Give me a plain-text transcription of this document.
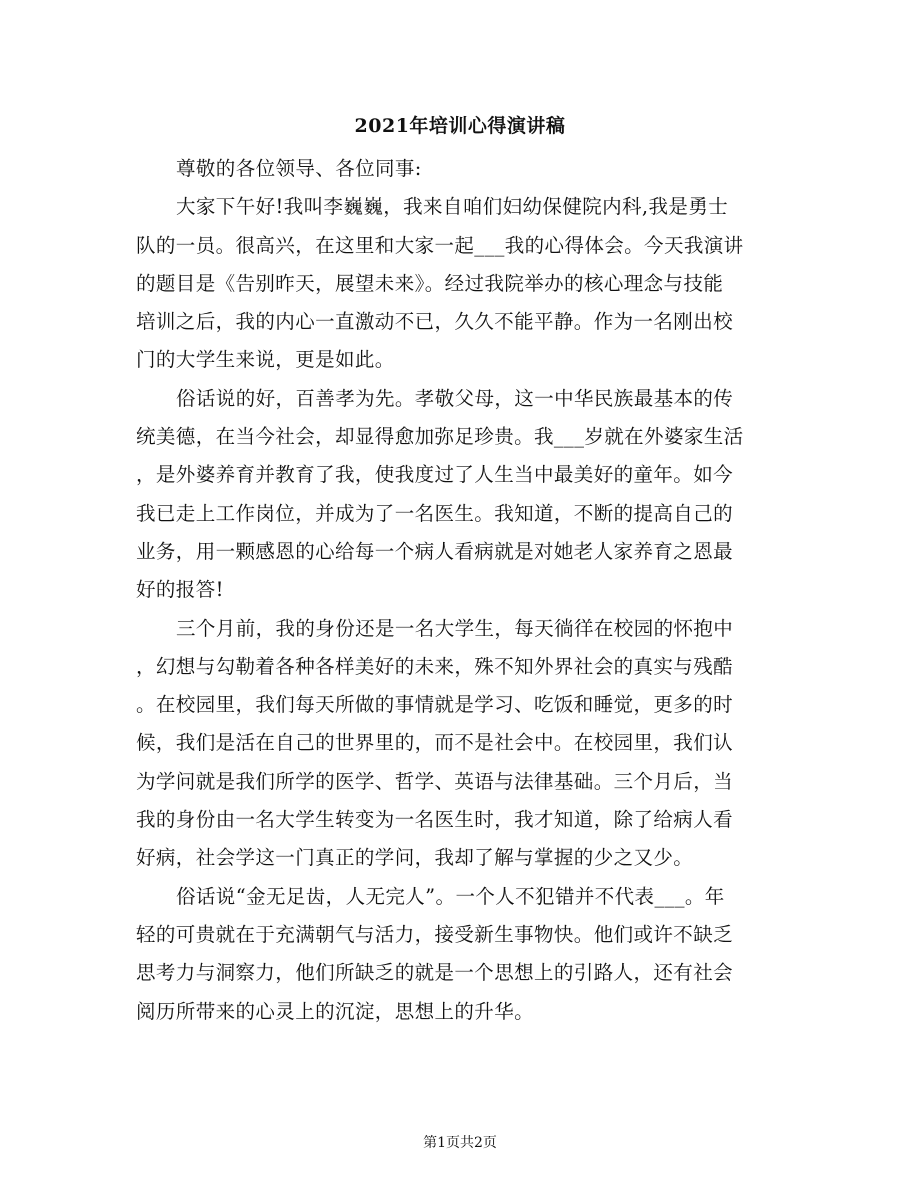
2021年培训心得演讲稿
尊敬的各位领导、各位同事:
大家下午好!我叫李巍巍，我来自咱们妇幼保健院内科,我是勇士
队的一员。很高兴，在这里和大家一起___我的心得体会。今天我演讲
的题目是《告别昨天，展望未来》。经过我院举办的核心理念与技能
培训之后，我的内心一直激动不已，久久不能平静。作为一名刚出校
门的大学生来说，更是如此。
俗话说的好，百善孝为先。孝敬父母，这一中华民族最基本的传
统美德，在当今社会，却显得愈加弥足珍贵。我___岁就在外婆家生活
，是外婆养育并教育了我，使我度过了人生当中最美好的童年。如今
我已走上工作岗位，并成为了一名医生。我知道，不断的提高自己的
业务，用一颗感恩的心给每一个病人看病就是对她老人家养育之恩最
好的报答!
三个月前，我的身份还是一名大学生，每天徜徉在校园的怀抱中
，幻想与勾勒着各种各样美好的未来，殊不知外界社会的真实与残酷
。在校园里，我们每天所做的事情就是学习、吃饭和睡觉，更多的时
候，我们是活在自己的世界里的，而不是社会中。在校园里，我们认
为学问就是我们所学的医学、哲学、英语与法律基础。三个月后，当
我的身份由一名大学生转变为一名医生时，我才知道，除了给病人看
好病，社会学这一门真正的学问，我却了解与掌握的少之又少。
俗话说“金无足齿，人无完人”。一个人不犯错并不代表___。年
轻的可贵就在于充满朝气与活力，接受新生事物快。他们或许不缺乏
思考力与洞察力，他们所缺乏的就是一个思想上的引路人，还有社会
阅历所带来的心灵上的沉淀，思想上的升华。
第1页共2页
